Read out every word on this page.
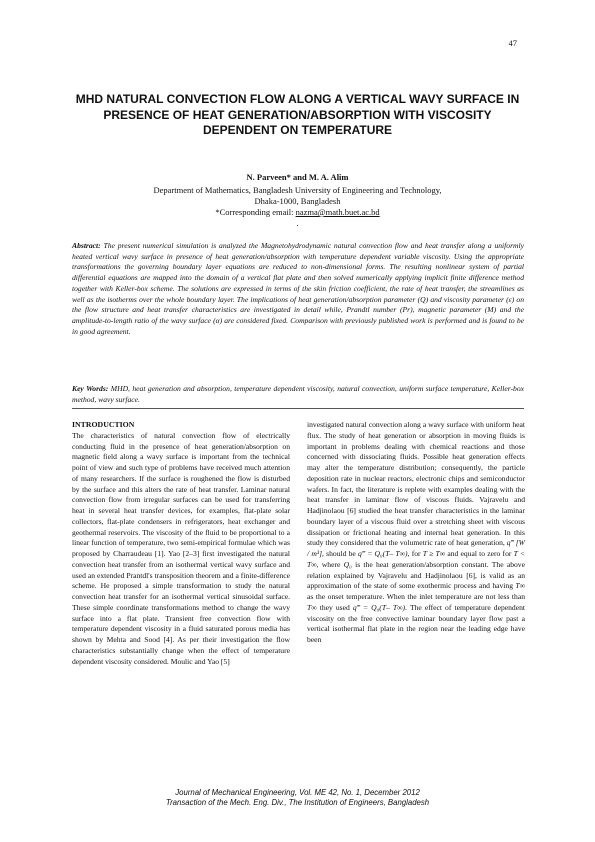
47
MHD NATURAL CONVECTION FLOW ALONG A VERTICAL WAVY SURFACE IN PRESENCE OF HEAT GENERATION/ABSORPTION WITH VISCOSITY DEPENDENT ON TEMPERATURE
N. Parveen* and M. A. Alim
Department of Mathematics, Bangladesh University of Engineering and Technology,
Dhaka-1000, Bangladesh
*Corresponding email: nazma@math.buet.ac.bd
.
Abstract: The present numerical simulation is analyzed the Magnetohydrodynamic natural convection flow and heat transfer along a uniformly heated vertical wavy surface in presence of heat generation/absorption with temperature dependent variable viscosity. Using the appropriate transformations the governing boundary layer equations are reduced to non-dimensional forms. The resulting nonlinear system of partial differential equations are mapped into the domain of a vertical flat plate and then solved numerically applying implicit finite difference method together with Keller-box scheme. The solutions are expressed in terms of the skin friction coefficient, the rate of heat transfer, the streamlines as well as the isotherms over the whole boundary layer. The implications of heat generation/absorption parameter (Q) and viscosity parameter (ε) on the flow structure and heat transfer characteristics are investigated in detail while, Prandtl number (Pr), magnetic parameter (M) and the amplitude-to-length ratio of the wavy surface (α) are considered fixed. Comparison with previously published work is performed and is found to be in good agreement.
Key Words: MHD, heat generation and absorption, temperature dependent viscosity, natural convection, uniform surface temperature, Keller-box method, wavy surface.
INTRODUCTION

The characteristics of natural convection flow of electrically conducting fluid in the presence of heat generation/absorption on magnetic field along a wavy surface is important from the technical point of view and such type of problems have received much attention of many researchers. If the surface is roughened the flow is disturbed by the surface and this alters the rate of heat transfer. Laminar natural convection flow from irregular surfaces can be used for transferring heat in several heat transfer devices, for examples, flat-plate solar collectors, flat-plate condensers in refrigerators, heat exchanger and geothermal reservoirs. The viscosity of the fluid to be proportional to a linear function of temperature, two semi-empirical formulae which was proposed by Charraudeau [1]. Yao [2–3] first investigated the natural convection heat transfer from an isothermal vertical wavy surface and used an extended Prantdl's transposition theorem and a finite-difference scheme. He proposed a simple transformation to study the natural convection heat transfer for an isothermal vertical sinusoidal surface. These simple coordinate transformations method to change the wavy surface into a flat plate. Transient free convection flow with temperature dependent viscosity in a fluid saturated porous media has shown by Mehta and Sood [4]. As per their investigation the flow characteristics substantially change when the effect of temperature dependent viscosity considered. Moulic and Yao [5]

investigated natural convection along a wavy surface with uniform heat flux. The study of heat generation or absorption in moving fluids is important in problems dealing with chemical reactions and those concerned with dissociating fluids. Possible heat generation effects may alter the temperature distribution; consequently, the particle deposition rate in nuclear reactors, electronic chips and semiconductor wafers. In fact, the literature is replete with examples dealing with the heat transfer in laminar flow of viscous fluids. Vajravelu and Hadjinolaou [6] studied the heat transfer characteristics in the laminar boundary layer of a viscous fluid over a stretching sheet with viscous dissipation or frictional heating and internal heat generation. In this study they considered that the volumetric rate of heat generation, q‴ [W / m³], should be q‴ = Q₀(T– T∞), for T ≥ T∞ and equal to zero for T < T∞, where Q₀ is the heat generation/absorption constant. The above relation explained by Vajravelu and Hadjinolaou [6], is valid as an approximation of the state of some exothermic process and having T∞ as the onset temperature. When the inlet temperature are not less than T∞ they used q‴ = Q₀(T– T∞). The effect of temperature dependent viscosity on the free convective laminar boundary layer flow past a vertical isothermal flat plate in the region near the leading edge have been

Journal of Mechanical Engineering, Vol. ME 42, No. 1, December 2012
Transaction of the Mech. Eng. Div., The Institution of Engineers, Bangladesh
